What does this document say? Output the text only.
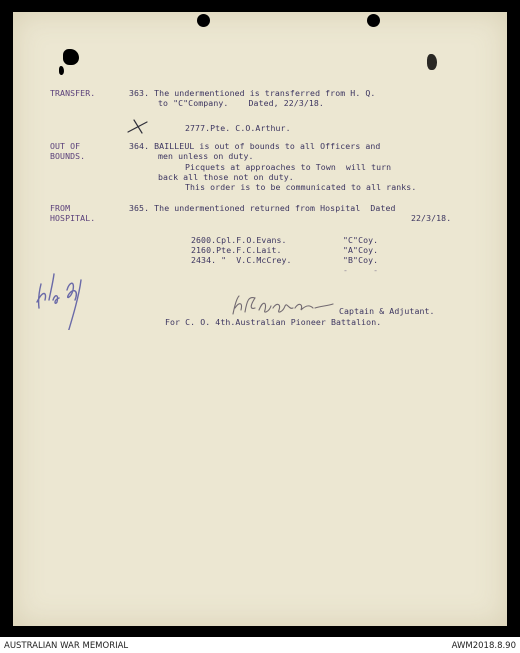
TRANSFER.	363. The undermentioned is transferred from H. Q.
to "C"Company.    Dated, 22/3/18.
2777.Pte. C.O.Arthur.
OUT OF
BOUNDS.
364. BAILLEUL is out of bounds to all Officers and
men unless on duty.
Picquets at approaches to Town  will turn
back all those not on duty.
This order is to be communicated to all ranks.
FROM
HOSPITAL.
365. The undermentioned returned from Hospital  Dated
22/3/18.
2600.Cpl.F.O.Evans.	"C"Coy.
2160.Pte.F.C.Lait.	"A"Coy.
2434. "  V.C.McCrey.	"B"Coy.
-     -
Captain & Adjutant.
For C. O. 4th.Australian Pioneer Battalion.
AUSTRALIAN WAR MEMORIAL	AWM2018.8.90
